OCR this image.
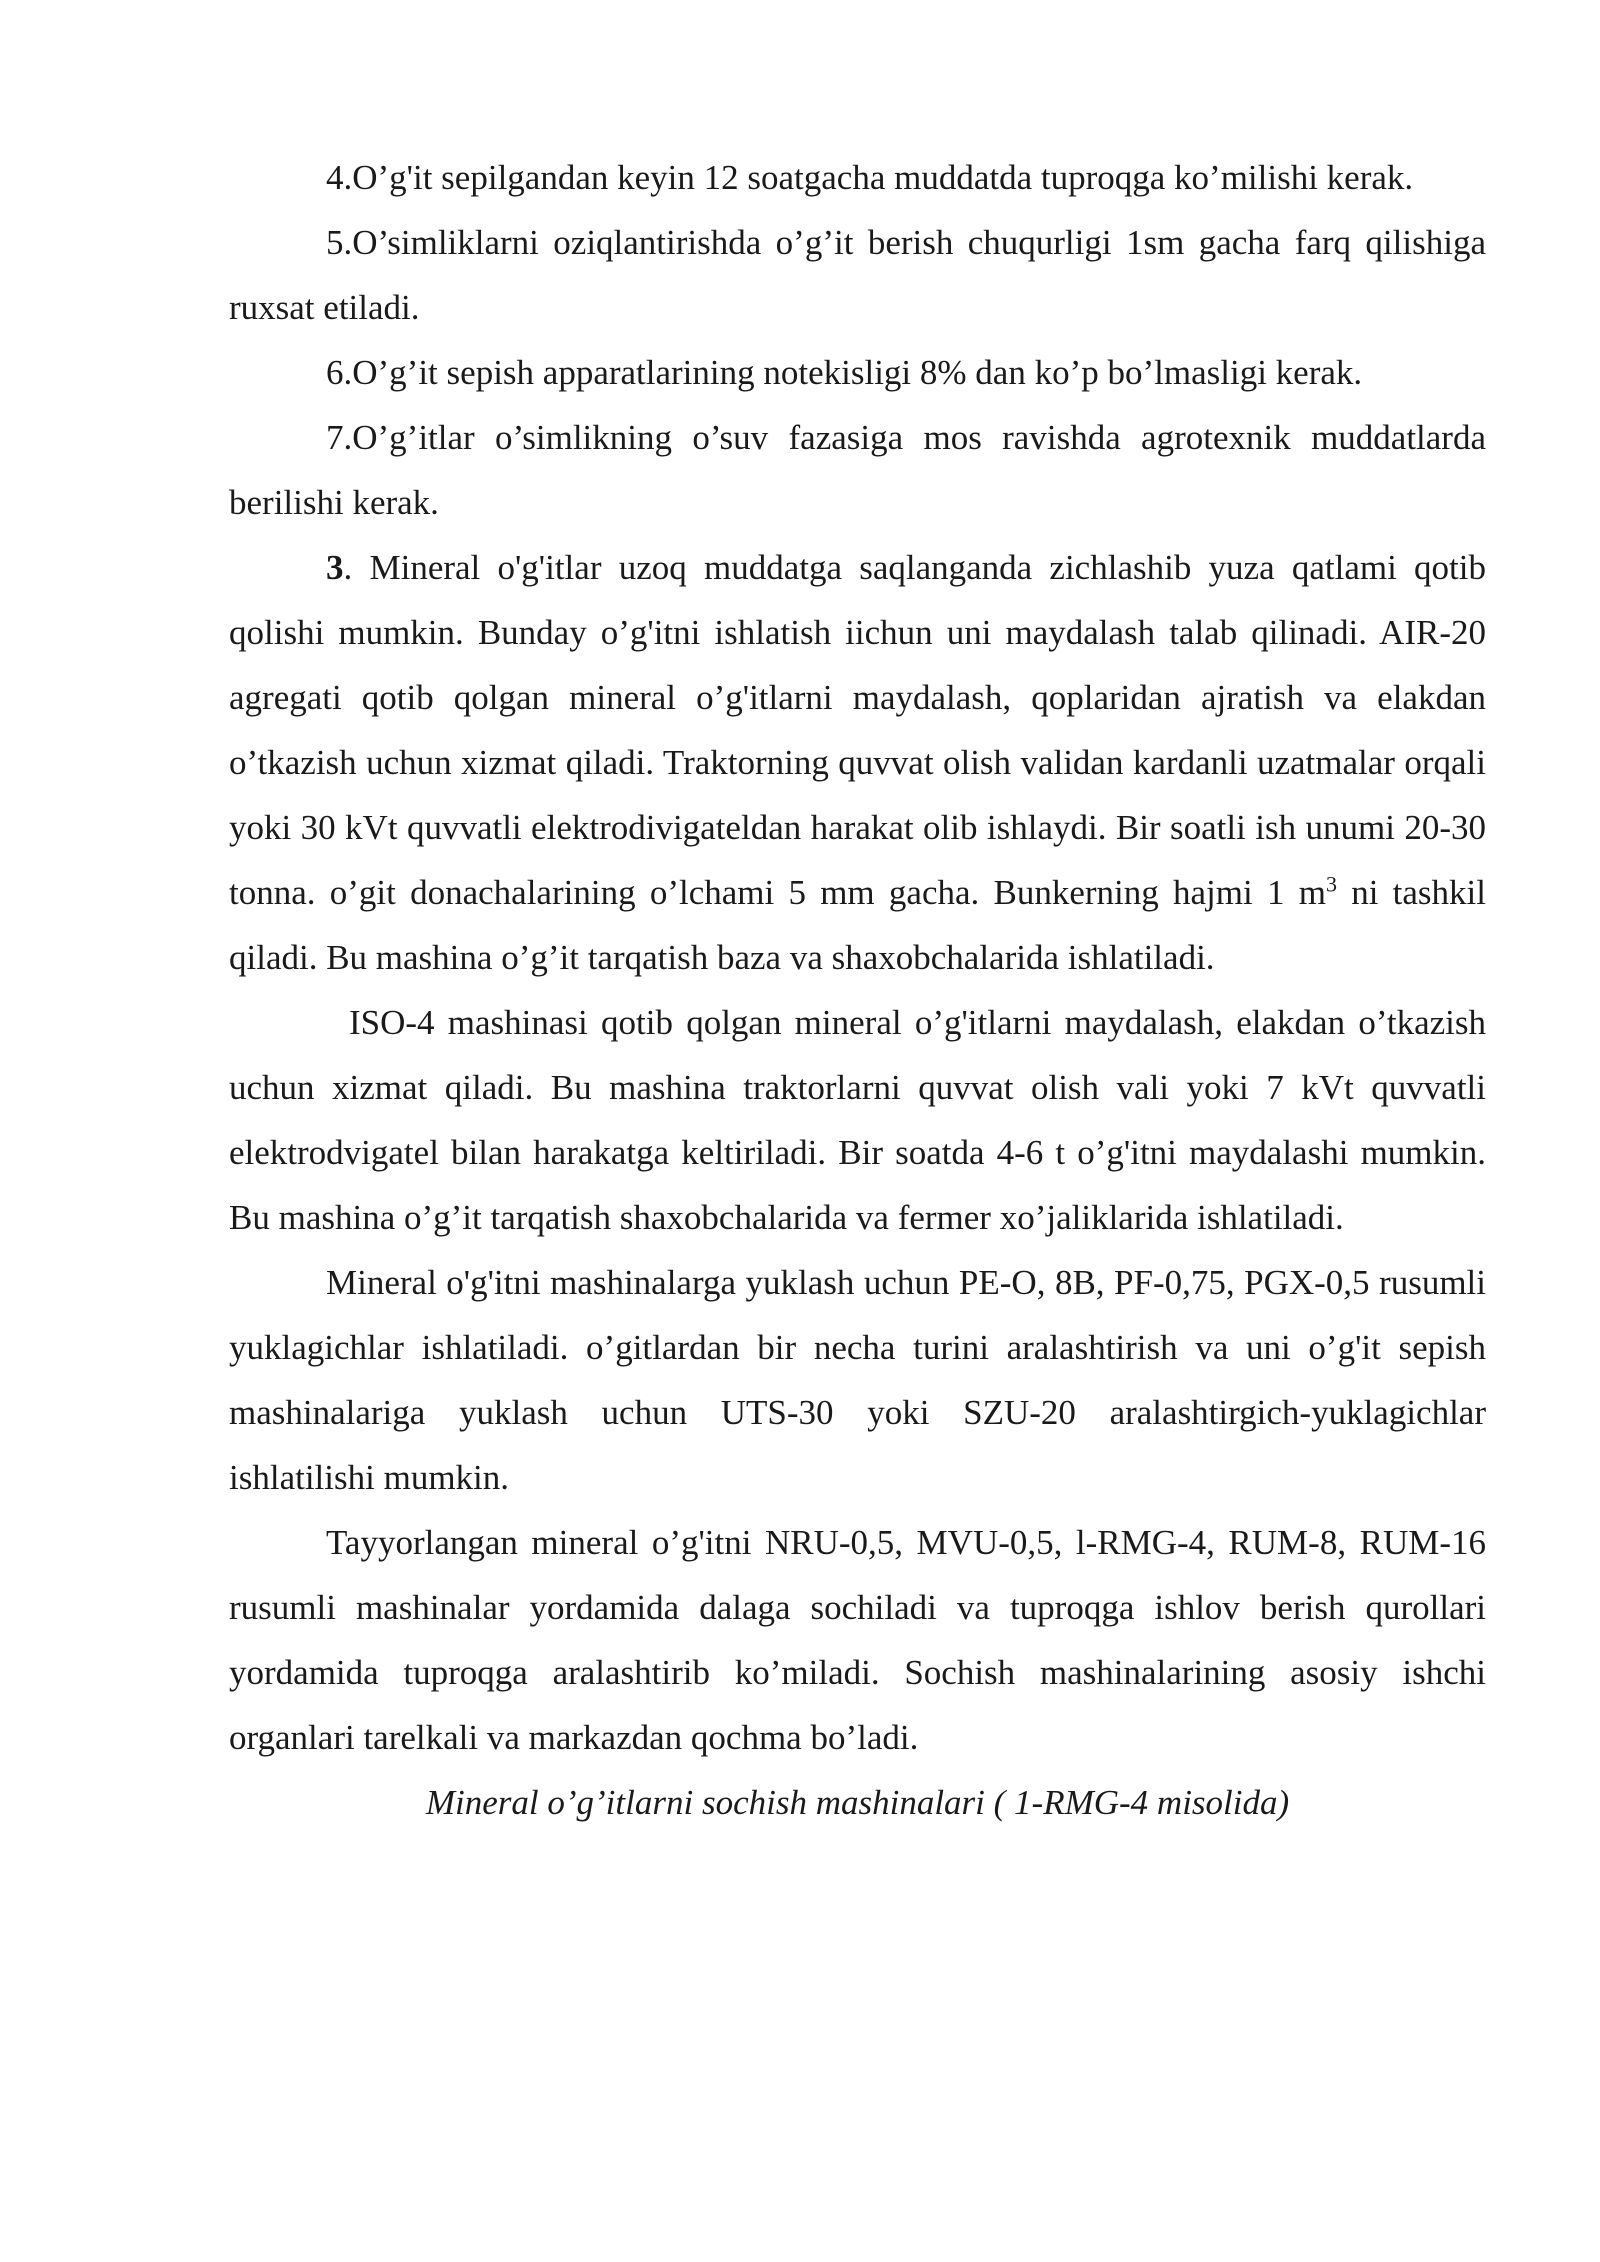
4.O’g'it sepilgandan keyin 12 soatgacha muddatda tuproqga ko’milishi kerak.

5.O’simliklarni oziqlantirishda o’g’it berish chuqurligi 1sm gacha farq qilishiga ruxsat etiladi.

6.O’g’it sepish apparatlarining notekisligi 8% dan ko’p bo’lmasligi kerak.

7.O’g’itlar o’simlikning o’suv fazasiga mos ravishda agrotexnik muddatlarda berilishi kerak.

3. Mineral o'g'itlar uzoq muddatga saqlanganda zichlashib yuza qatlami qotib qolishi mumkin. Bunday o’g'itni ishlatish iichun uni maydalash talab qilinadi. AIR-20 agregati qotib qolgan mineral o’g'itlarni maydalash, qoplaridan ajratish va elakdan o’tkazish uchun xizmat qiladi. Traktorning quvvat olish validan kardanli uzatmalar orqali yoki 30 kVt quvvatli elektrodivigateldan harakat olib ishlaydi. Bir soatli ish unumi 20-30 tonna. o’git donachalarining o’lchami 5 mm gacha. Bunkerning hajmi 1 $m^3$ ni tashkil qiladi. Bu mashina o’g’it tarqatish baza va shaxobchalarida ishlatiladi.

ISO-4 mashinasi qotib qolgan mineral o’g'itlarni maydalash, elakdan o’tkazish uchun xizmat qiladi. Bu mashina traktorlarni quvvat olish vali yoki 7 kVt quvvatli elektrodvigatel bilan harakatga keltiriladi. Bir soatda 4-6 t o’g'itni maydalashi mumkin. Bu mashina o’g’it tarqatish shaxobchalarida va fermer xo’jaliklarida ishlatiladi.

Mineral o'g'itni mashinalarga yuklash uchun PE-O, 8B, PF-0,75, PGX-0,5 rusumli yuklagichlar ishlatiladi. o’gitlardan bir necha turini aralashtirish va uni o’g'it sepish mashinalariga yuklash uchun UTS-30 yoki SZU-20 aralashtirgich-yuklagichlar ishlatilishi mumkin.

Tayyorlangan mineral o’g'itni NRU-0,5, MVU-0,5, l-RMG-4, RUM-8, RUM-16 rusumli mashinalar yordamida dalaga sochiladi va tuproqga ishlov berish qurollari yordamida tuproqga aralashtirib ko’miladi. Sochish mashinalarining asosiy ishchi organlari tarelkali va markazdan qochma bo’ladi.

Mineral o’g’itlarni sochish mashinalari ( 1-RMG-4 misolida)
